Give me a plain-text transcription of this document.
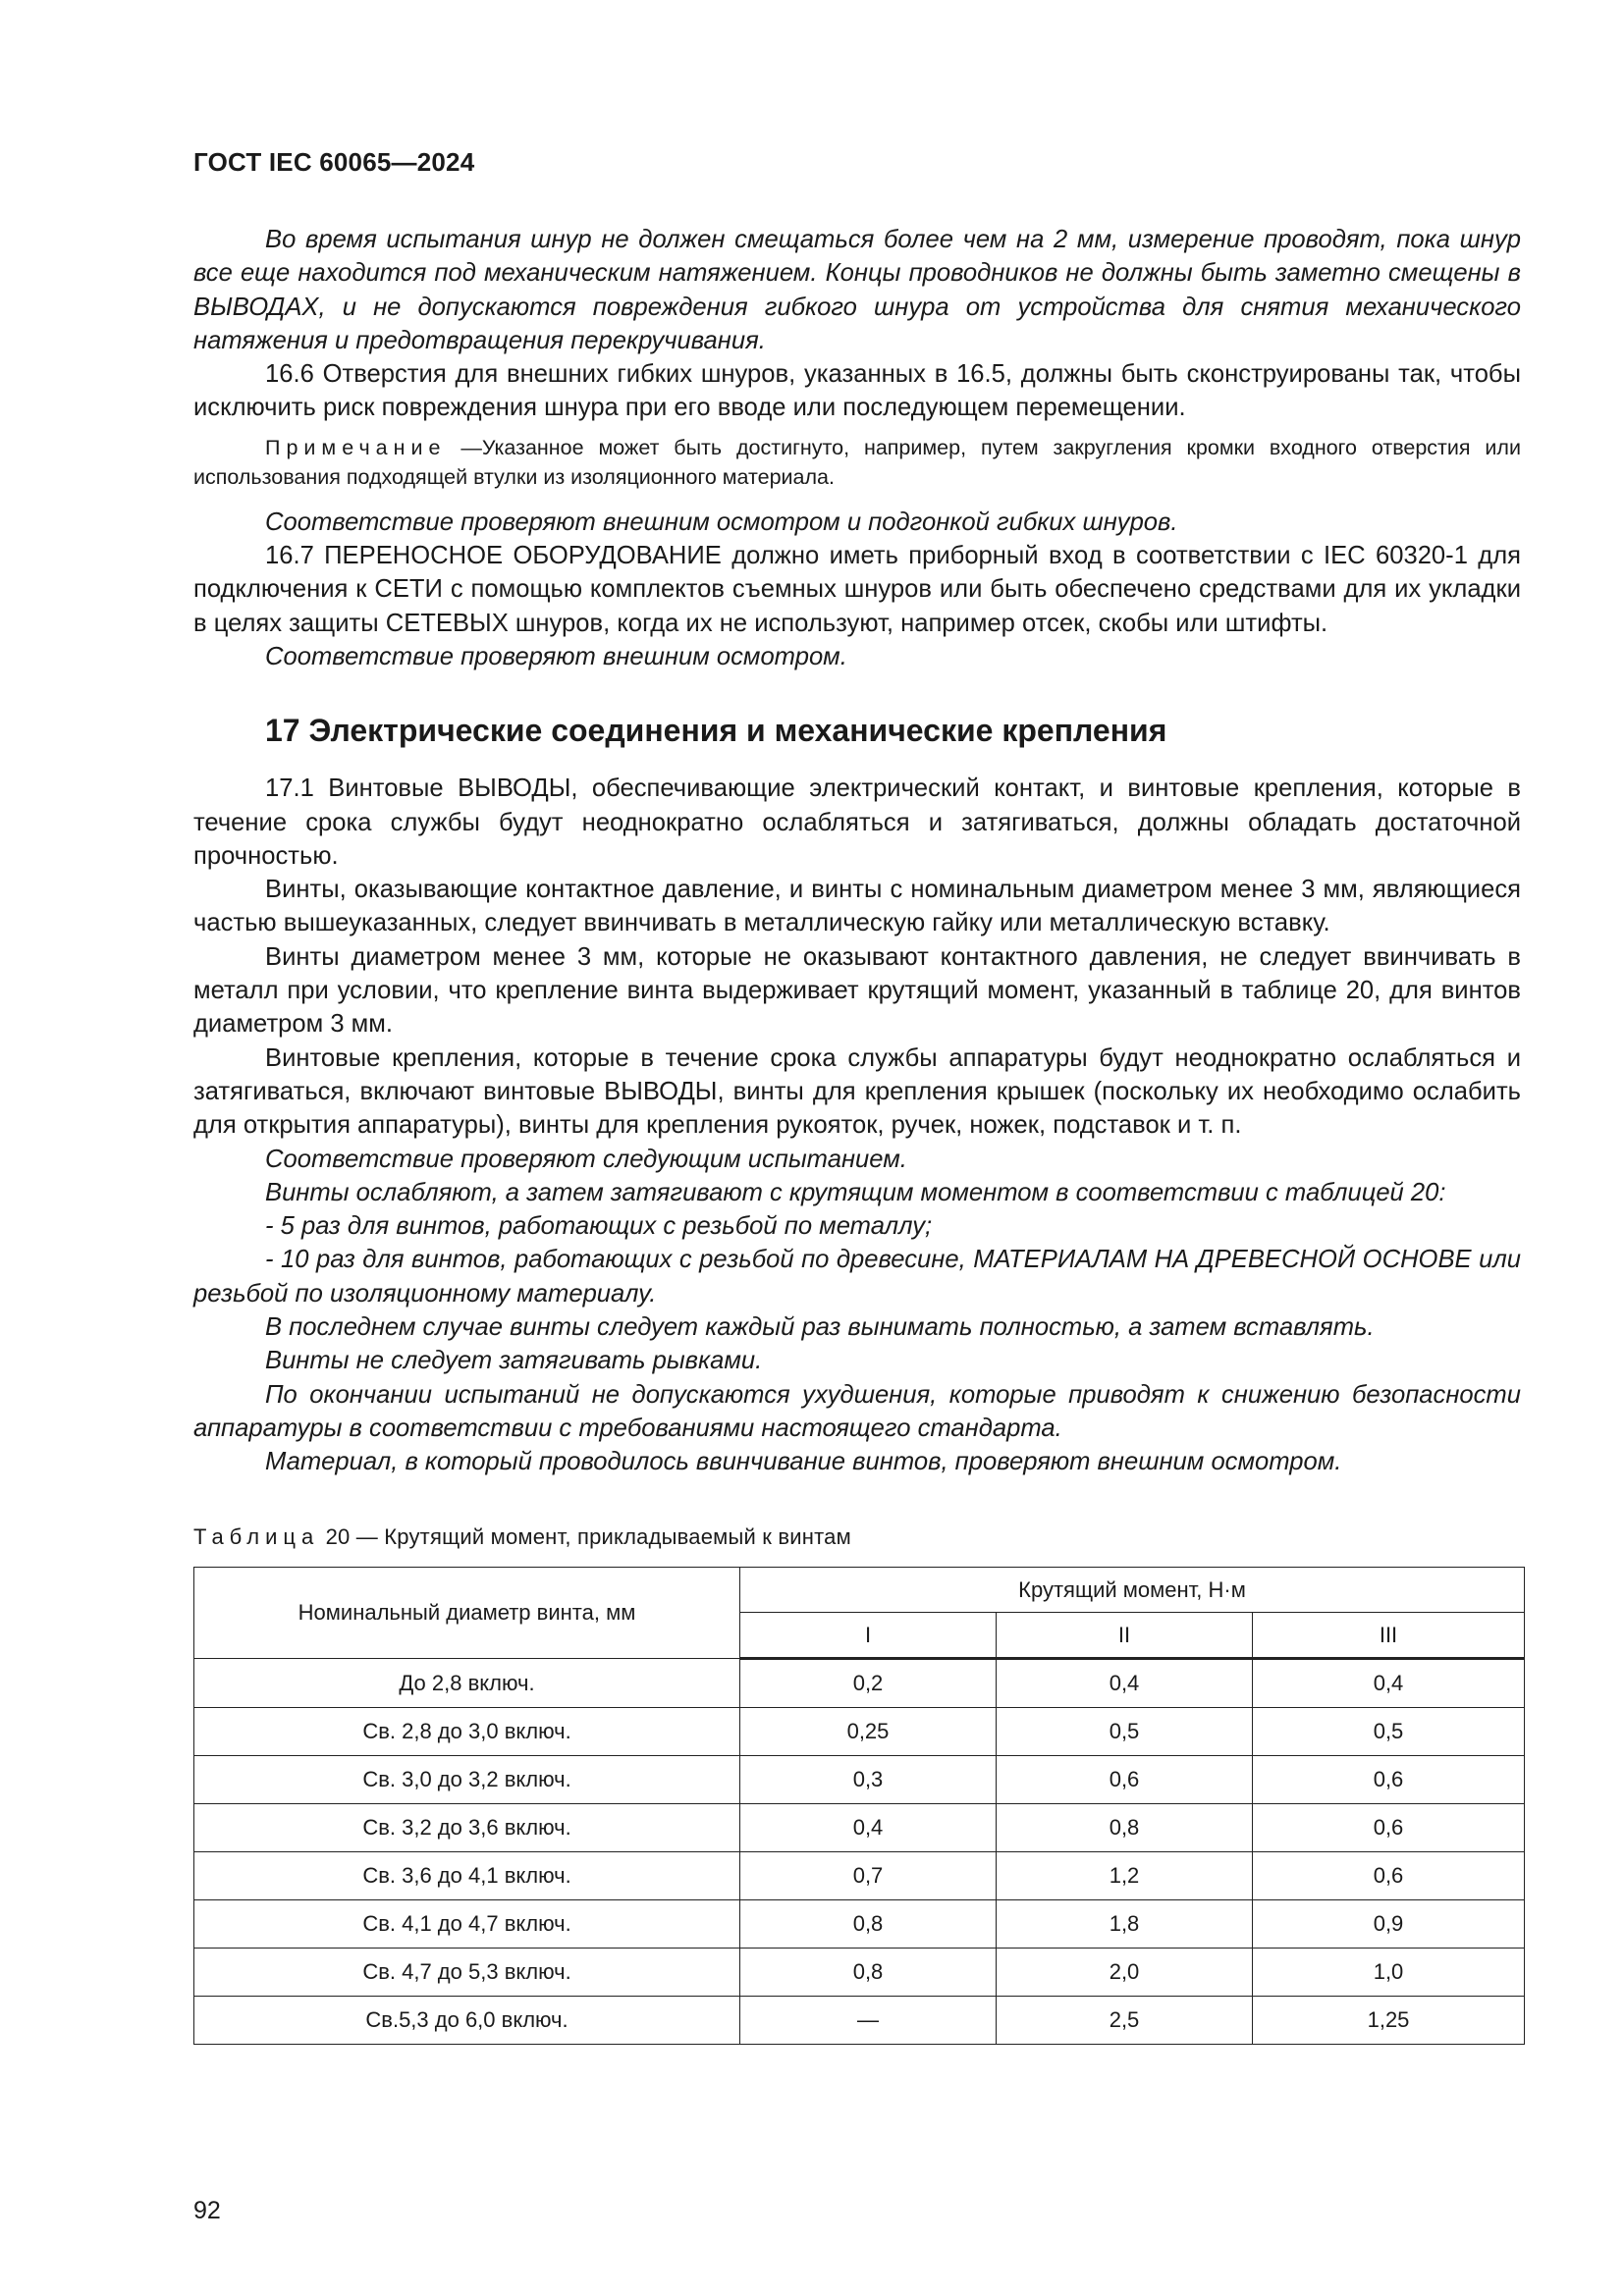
ГОСТ IEC 60065—2024

Во время испытания шнур не должен смещаться более чем на 2 мм, измерение проводят, пока шнур все еще находится под механическим натяжением. Концы проводников не должны быть заметно смещены в ВЫВОДАХ, и не допускаются повреждения гибкого шнура от устройства для снятия механического натяжения и предотвращения перекручивания.

16.6 Отверстия для внешних гибких шнуров, указанных в 16.5, должны быть сконструированы так, чтобы исключить риск повреждения шнура при его вводе или последующем перемещении.

Примечание —Указанное может быть достигнуто, например, путем закругления кромки входного отверстия или использования подходящей втулки из изоляционного материала.

Соответствие проверяют внешним осмотром и подгонкой гибких шнуров.

16.7 ПЕРЕНОСНОЕ ОБОРУДОВАНИЕ должно иметь приборный вход в соответствии с IEC 60320-1 для подключения к СЕТИ с помощью комплектов съемных шнуров или быть обеспечено средствами для их укладки в целях защиты СЕТЕВЫХ шнуров, когда их не используют, например отсек, скобы или штифты.

Соответствие проверяют внешним осмотром.

17 Электрические соединения и механические крепления

17.1 Винтовые ВЫВОДЫ, обеспечивающие электрический контакт, и винтовые крепления, которые в течение срока службы будут неоднократно ослабляться и затягиваться, должны обладать достаточной прочностью.

Винты, оказывающие контактное давление, и винты с номинальным диаметром менее 3 мм, являющиеся частью вышеуказанных, следует ввинчивать в металлическую гайку или металлическую вставку.

Винты диаметром менее 3 мм, которые не оказывают контактного давления, не следует ввинчивать в металл при условии, что крепление винта выдерживает крутящий момент, указанный в таблице 20, для винтов диаметром 3 мм.

Винтовые крепления, которые в течение срока службы аппаратуры будут неоднократно ослабляться и затягиваться, включают винтовые ВЫВОДЫ, винты для крепления крышек (поскольку их необходимо ослабить для открытия аппаратуры), винты для крепления рукояток, ручек, ножек, подставок и т. п.

Соответствие проверяют следующим испытанием.

Винты ослабляют, а затем затягивают с крутящим моментом в соответствии с таблицей 20:

- 5 раз для винтов, работающих с резьбой по металлу;

- 10 раз для винтов, работающих с резьбой по древесине, МАТЕРИАЛАМ НА ДРЕВЕСНОЙ ОСНОВЕ или резьбой по изоляционному материалу.

В последнем случае винты следует каждый раз вынимать полностью, а затем вставлять.

Винты не следует затягивать рывками.

По окончании испытаний не допускаются ухудшения, которые приводят к снижению безопасности аппаратуры в соответствии с требованиями настоящего стандарта.

Материал, в который проводилось ввинчивание винтов, проверяют внешним осмотром.

Таблица 20 — Крутящий момент, прикладываемый к винтам
Номинальный диаметр винта, мм	Крутящий момент, Н·м		
	I	II	III
До 2,8 включ.	0,2	0,4	0,4
Св. 2,8 до 3,0 включ.	0,25	0,5	0,5
Св. 3,0 до 3,2 включ.	0,3	0,6	0,6
Св. 3,2 до 3,6 включ.	0,4	0,8	0,6
Св. 3,6 до 4,1 включ.	0,7	1,2	0,6
Св. 4,1 до 4,7 включ.	0,8	1,8	0,9
Св. 4,7 до 5,3 включ.	0,8	2,0	1,0
Св.5,3 до 6,0 включ.	—	2,5	1,25
92
